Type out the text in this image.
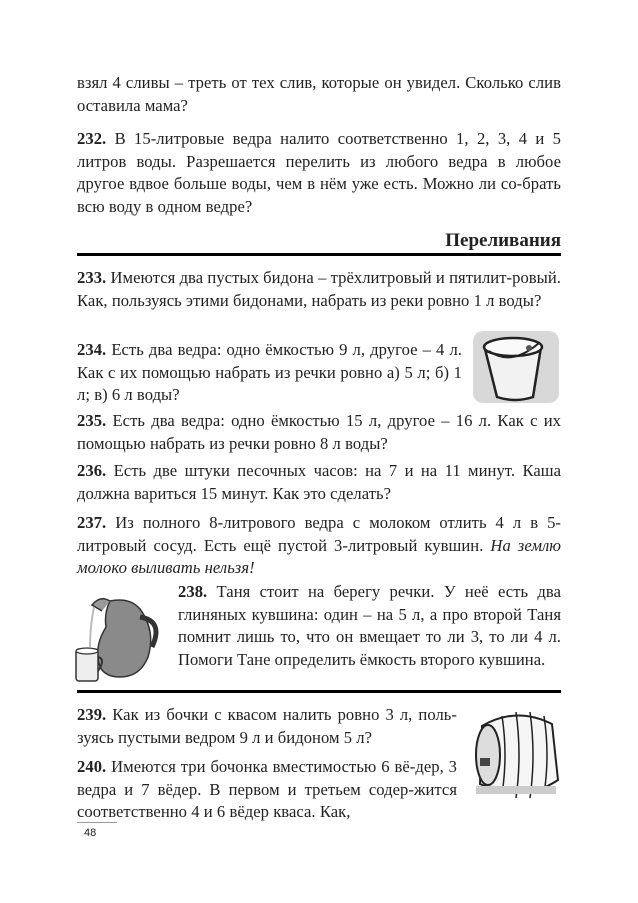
взял 4 сливы – треть от тех слив, которые он увидел. Сколько слив оставила мама?
232. В 15-литровые ведра налито соответственно 1, 2, 3, 4 и 5 литров воды. Разрешается перелить из любого ведра в любое другое вдвое больше воды, чем в нём уже есть. Можно ли со-брать всю воду в одном ведре?
Переливания
233. Имеются два пустых бидона – трёхлитровый и пятилит-ровый. Как, пользуясь этими бидонами, набрать из реки ровно 1 л воды?
234. Есть два ведра: одно ёмкостью 9 л, другое – 4 л. Как с их помощью набрать из речки ровно а) 5 л; б) 1 л; в) 6 л воды?
235. Есть два ведра: одно ёмкостью 15 л, другое – 16 л. Как с их помощью набрать из речки ровно 8 л воды?
236. Есть две штуки песочных часов: на 7 и на 11 минут. Каша должна вариться 15 минут. Как это сделать?
237. Из полного 8-литрового ведра с молоком отлить 4 л в 5-литровый сосуд. Есть ещё пустой 3-литровый кувшин. На землю молоко выливать нельзя!
238. Таня стоит на берегу речки. У неё есть два глиняных кувшина: один – на 5 л, а про второй Таня помнит лишь то, что он вмещает то ли 3, то ли 4 л. Помоги Тане определить ёмкость второго кувшина.
239. Как из бочки с квасом налить ровно 3 л, поль-зуясь пустыми ведром 9 л и бидоном 5 л?
240. Имеются три бочонка вместимостью 6 вё-дер, 3 ведра и 7 вёдер. В первом и третьем содер-жится соответственно 4 и 6 вёдер кваса. Как,
48
